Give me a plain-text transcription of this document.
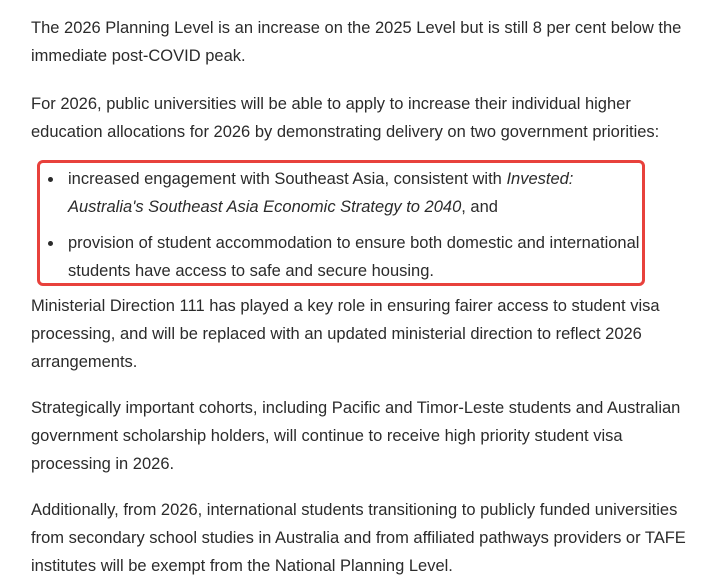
The 2026 Planning Level is an increase on the 2025 Level but is still 8 per cent below the immediate post-COVID peak.

For 2026, public universities will be able to apply to increase their individual higher education allocations for 2026 by demonstrating delivery on two government priorities:

increased engagement with Southeast Asia, consistent with Invested: Australia's Southeast Asia Economic Strategy to 2040, and
provision of student accommodation to ensure both domestic and international students have access to safe and secure housing.

Ministerial Direction 111 has played a key role in ensuring fairer access to student visa processing, and will be replaced with an updated ministerial direction to reflect 2026 arrangements.

Strategically important cohorts, including Pacific and Timor-Leste students and Australian government scholarship holders, will continue to receive high priority student visa processing in 2026.

Additionally, from 2026, international students transitioning to publicly funded universities from secondary school studies in Australia and from affiliated pathways providers or TAFE institutes will be exempt from the National Planning Level.
